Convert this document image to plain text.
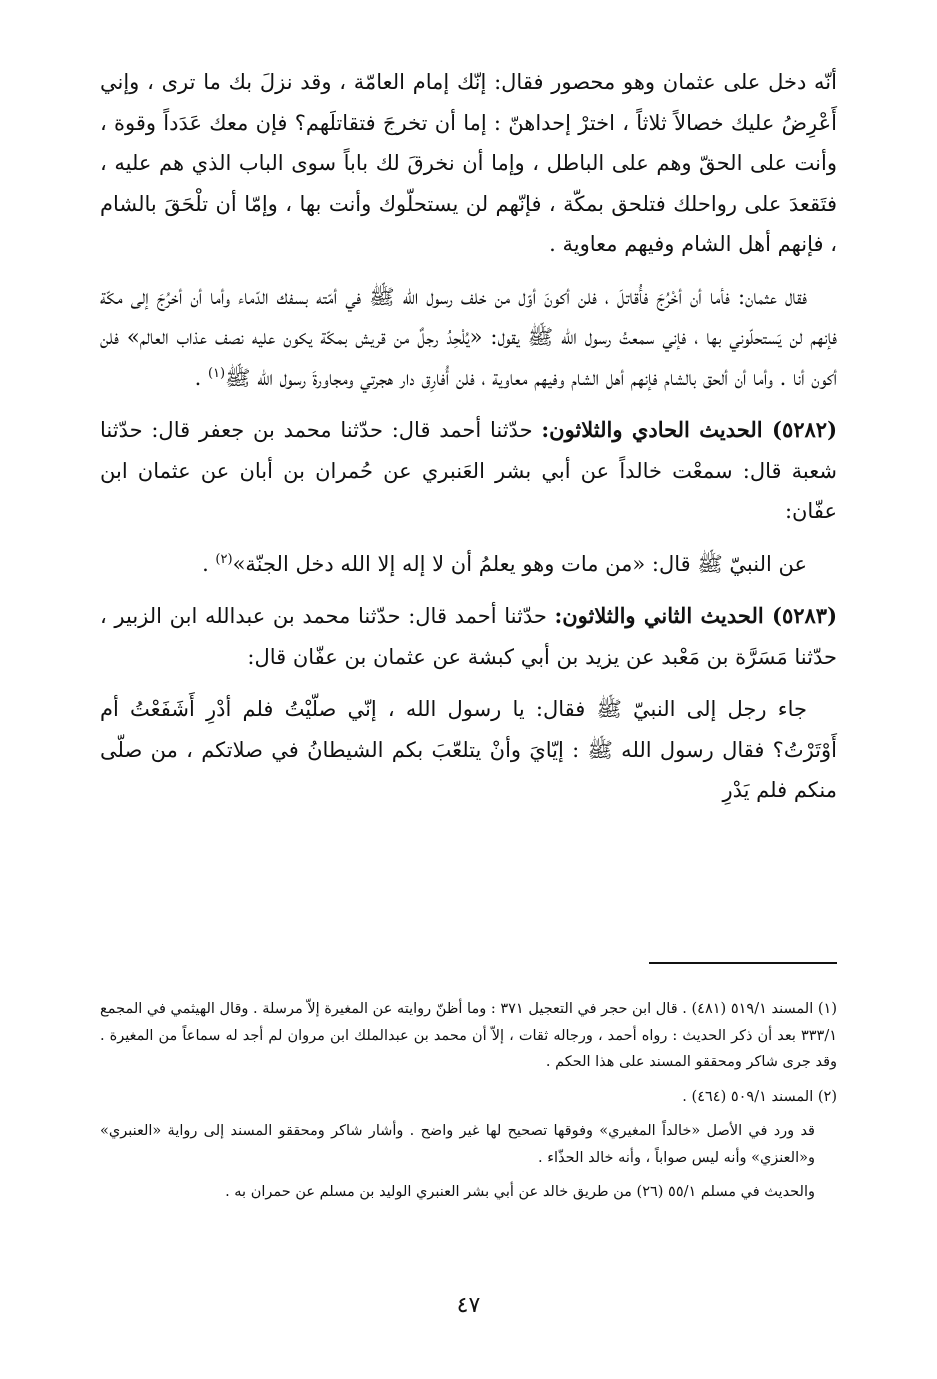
أنّه دخل على عثمان وهو محصور فقال: إنّك إمام العامّة ، وقد نزلَ بك ما ترى ، وإني أَعْرِضُ عليك خصالاً ثلاثاً ، اخترْ إحداهنّ : إما أن تخرجَ فتقاتلَهم؟ فإن معك عَدَداً وقوة ، وأنت على الحقّ وهم على الباطل ، وإما أن نخرقَ لك باباً سوى الباب الذي هم عليه ، فتَقعدَ على رواحلك فتلحق بمكّة ، فإنّهم لن يستحلّوك وأنت بها ، وإمّا أن تلْحَقَ بالشام ، فإنهم أهل الشام وفيهم معاوية .

فقال عثمان: فأما أن أخْرُجَ فأُقاتلَ ، فلن أكونَ أوّل من خلف رسول الله ﷺ في أمّته بسفك الدّماء وأما أن أخرُجَ إلى مكّة فإنهم لن يَستحلّوني بها ، فإني سمعتُ رسول الله ﷺ يقول: «يُلْحِدُ رجلٌ من قريش بمكّة يكون عليه نصف عذاب العالم» فلن أكون أنا . وأما أن ألحق بالشام فإنهم أهل الشام وفيهم معاوية ، فلن أُفارِق دار هجرتي ومجاورةَ رسول الله ﷺ$^{(١)}$ .

(٥٢٨٢) الحديث الحادي والثلاثون: حدّثنا أحمد قال: حدّثنا محمد بن جعفر قال: حدّثنا شعبة قال: سمعْت خالداً عن أبي بشر العَنبري عن حُمران بن أبان عن عثمان ابن عفّان:

عن النبيّ ﷺ قال: «من مات وهو يعلمُ أن لا إله إلا الله دخل الجنّة»$^{(٢)}$ .

(٥٢٨٣) الحديث الثاني والثلاثون: حدّثنا أحمد قال: حدّثنا محمد بن عبدالله ابن الزبير ، حدّثنا مَسَرَّة بن مَعْبد عن يزيد بن أبي كبشة عن عثمان بن عفّان قال:

جاء رجل إلى النبيّ ﷺ فقال: يا رسول الله ، إنّي صلّيْتُ فلم أدْرِ أَشَفَعْتُ أم أَوْتَرْتُ؟ فقال رسول الله ﷺ : إيّايَ وأنْ يتلعّبَ بكم الشيطانُ في صلاتكم ، من صلّى منكم فلم يَدْرِ

(١) المسند ٥١٩/١ (٤٨١) . قال ابن حجر في التعجيل ٣٧١ : وما أظنّ روايته عن المغيرة إلاّ مرسلة . وقال الهيثمي في المجمع ٣٣٣/١ بعد أن ذكر الحديث : رواه أحمد ، ورجاله ثقات ، إلاّ أن محمد بن عبدالملك ابن مروان لم أجد له سماعاً من المغيرة . وقد جرى شاكر ومحققو المسند على هذا الحكم .

(٢) المسند ٥٠٩/١ (٤٦٤) .

قد ورد في الأصل «خالداً المغيري» وفوقها تصحيح لها غير واضح . وأشار شاكر ومحققو المسند إلى رواية «العنبري» و«العنزي» وأنه ليس صواباً ، وأنه خالد الحذّاء .

والحديث في مسلم ٥٥/١ (٢٦) من طريق خالد عن أبي بشر العنبري الوليد بن مسلم عن حمران به .

٤٧
